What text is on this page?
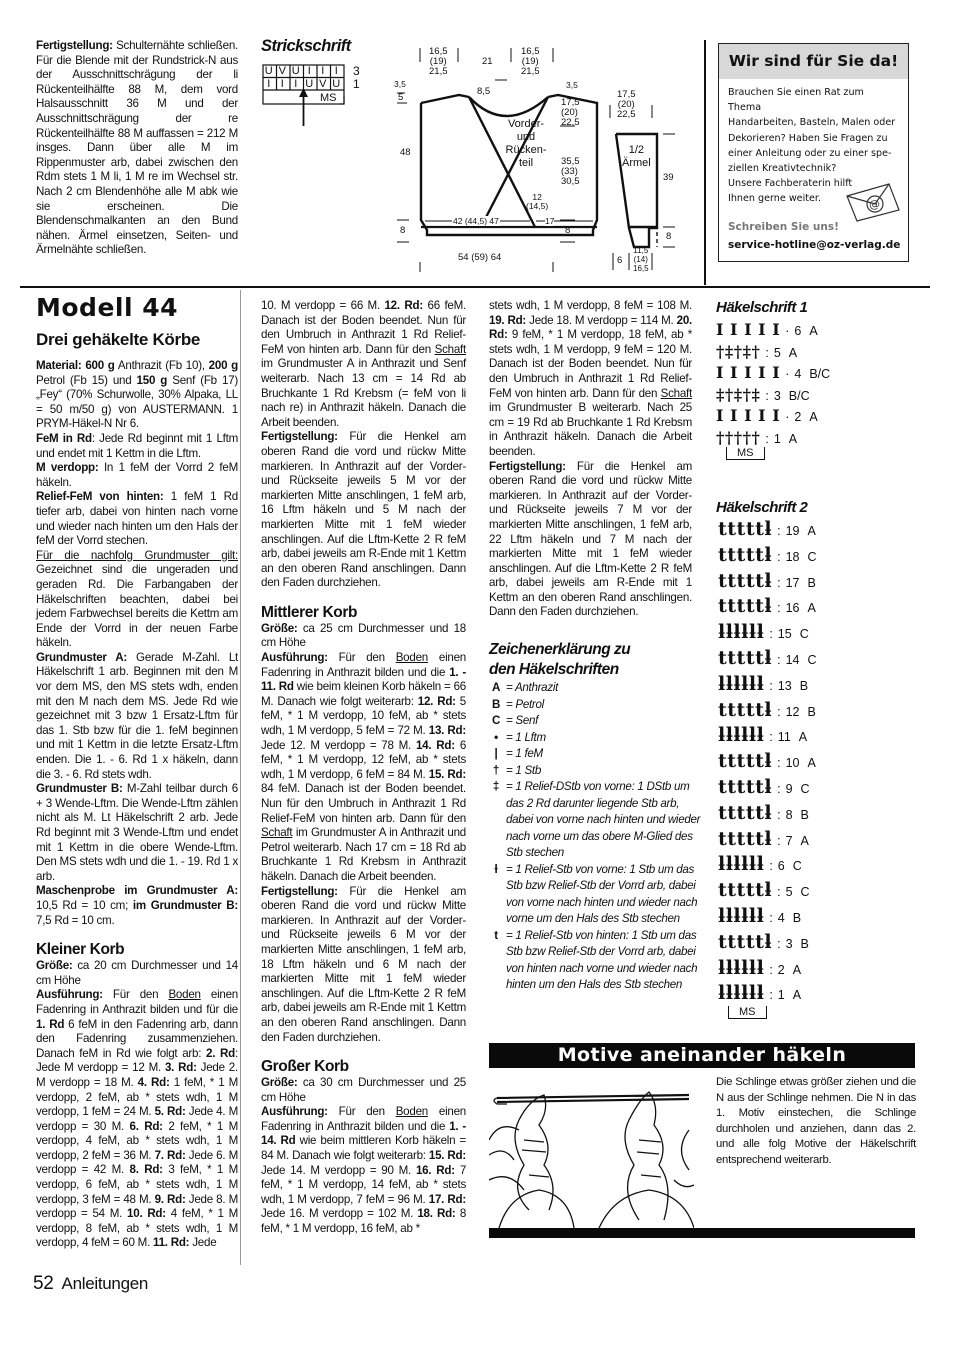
Fertigstellung: Schulternähte schließen. Für die Blende mit der Rundstrick-N aus der Ausschnittschrägung der li Rückenteilhälfte 88 M, dem vord Halsausschnitt 36 M und der Ausschnittschrägung der re Rückenteilhälfte 88 M auffassen = 212 M insges. Dann über alle M im Rippenmuster arb, dabei zwischen den Rdm stets 1 M li, 1 M re im Wechsel str. Nach 2 cm Blendenhöhe alle M abk wie sie erscheinen. Die Blendenschmalkanten an den Bund nähen. Ärmel einsetzen, Seiten- und Ärmelnähte schließen.

Strickschrift
U V U I I I
I I I U V U
3
1
MS
16,5
(19)
21,5
21
16,5
(19)
21,5
3,5
5
8,5
3,5
17,5
(20)
22,5
48
Vorder-
und
Rücken-
teil	35,5
(33)
30,5
12
(14,5)
42 (44,5) 47	17
8	8
54 (59) 64
17,5
(20)
22,5
1/2
Ärmel
39
8
6
11,5
(14)
16,5
Wir sind für Sie da!
Brauchen Sie einen Rat zum Thema
Handarbeiten, Basteln, Malen oder
Dekorieren? Haben Sie Fragen zu
einer Anleitung oder zu einer spe-
ziellen Kreativtechnik?
Unsere Fachberaterin hilft
Ihnen gerne weiter.	@
Schreiben Sie uns!
service-hotline@oz-verlag.de
Modell 44
Drei gehäkelte Körbe

Material: 600 g Anthrazit (Fb 10), 200 g Petrol (Fb 15) und 150 g Senf (Fb 17) „Fey“ (70% Schurwolle, 30% Alpaka, LL = 50 m/50 g) von AUSTERMANN. 1 PRYM-Häkel-N Nr 6.

FeM in Rd: Jede Rd beginnt mit 1 Lftm und endet mit 1 Kettm in die Lftm.

M verdopp: In 1 feM der Vorrd 2 feM häkeln.

Relief-FeM von hinten: 1 feM 1 Rd tiefer arb, dabei von hinten nach vorne und wieder nach hinten um den Hals der feM der Vorrd stechen.

Für die nachfolg Grundmuster gilt: Gezeichnet sind die ungeraden und geraden Rd. Die Farbangaben der Häkelschriften beachten, dabei bei jedem Farbwechsel bereits die Kettm am Ende der Vorrd in der neuen Farbe häkeln.

Grundmuster A: Gerade M-Zahl. Lt Häkelschrift 1 arb. Beginnen mit den M vor dem MS, den MS stets wdh, enden mit den M nach dem MS. Jede Rd wie gezeichnet mit 3 bzw 1 Ersatz-Lftm für das 1. Stb bzw für die 1. feM beginnen und mit 1 Kettm in die letzte Ersatz-Lftm enden. Die 1. - 6. Rd 1 x häkeln, dann die 3. - 6. Rd stets wdh.

Grundmuster B: M-Zahl teilbar durch 6 + 3 Wende-Lftm. Die Wende-Lftm zählen nicht als M. Lt Häkelschrift 2 arb. Jede Rd beginnt mit 3 Wende-Lftm und endet mit 1 Kettm in die obere Wende-Lftm. Den MS stets wdh und die 1. - 19. Rd 1 x arb.

Maschenprobe im Grundmuster A: 10,5 Rd = 10 cm; im Grundmuster B: 7,5 Rd = 10 cm.

Kleiner Korb

Größe: ca 20 cm Durchmesser und 14 cm Höhe

Ausführung: Für den Boden einen Fadenring in Anthrazit bilden und für die 1. Rd 6 feM in den Fadenring arb, dann den Fadenring zusammenziehen. Danach feM in Rd wie folgt arb: 2. Rd: Jede M verdopp = 12 M. 3. Rd: Jede 2. M verdopp = 18 M. 4. Rd: 1 feM, * 1 M verdopp, 2 feM, ab * stets wdh, 1 M verdopp, 1 feM = 24 M. 5. Rd: Jede 4. M verdopp = 30 M. 6. Rd: 2 feM, * 1 M verdopp, 4 feM, ab * stets wdh, 1 M verdopp, 2 feM = 36 M. 7. Rd: Jede 6. M verdopp = 42 M. 8. Rd: 3 feM, * 1 M verdopp, 6 feM, ab * stets wdh, 1 M verdopp, 3 feM = 48 M. 9. Rd: Jede 8. M verdopp = 54 M. 10. Rd: 4 feM, * 1 M verdopp, 8 feM, ab * stets wdh, 1 M verdopp, 4 feM = 60 M. 11. Rd: Jede

10. M verdopp = 66 M. 12. Rd: 66 feM. Danach ist der Boden beendet. Nun für den Umbruch in Anthrazit 1 Rd Relief-FeM von hinten arb. Dann für den Schaft im Grundmuster A in Anthrazit und Senf weiterarb. Nach 13 cm = 14 Rd ab Bruchkante 1 Rd Krebsm (= feM von li nach re) in Anthrazit häkeln. Danach die Arbeit beenden.

Fertigstellung: Für die Henkel am oberen Rand die vord und rückw Mitte markieren. In Anthrazit auf der Vorder- und Rückseite jeweils 5 M vor der markierten Mitte anschlingen, 1 feM arb, 16 Lftm häkeln und 5 M nach der markierten Mitte mit 1 feM wieder anschlingen. Auf die Lftm-Kette 2 R feM arb, dabei jeweils am R-Ende mit 1 Kettm an den oberen Rand anschlingen. Dann den Faden durchziehen.

Mittlerer Korb

Größe: ca 25 cm Durchmesser und 18 cm Höhe

Ausführung: Für den Boden einen Fadenring in Anthrazit bilden und die 1. - 11. Rd wie beim kleinen Korb häkeln = 66 M. Danach wie folgt weiterarb: 12. Rd: 5 feM, * 1 M verdopp, 10 feM, ab * stets wdh, 1 M verdopp, 5 feM = 72 M. 13. Rd: Jede 12. M verdopp = 78 M. 14. Rd: 6 feM, * 1 M verdopp, 12 feM, ab * stets wdh, 1 M verdopp, 6 feM = 84 M. 15. Rd: 84 feM. Danach ist der Boden beendet. Nun für den Umbruch in Anthrazit 1 Rd Relief-FeM von hinten arb. Dann für den Schaft im Grundmuster A in Anthrazit und Petrol weiterarb. Nach 17 cm = 18 Rd ab Bruchkante 1 Rd Krebsm in Anthrazit häkeln. Danach die Arbeit beenden.

Fertigstellung: Für die Henkel am oberen Rand die vord und rückw Mitte markieren. In Anthrazit auf der Vorder- und Rückseite jeweils 6 M vor der markierten Mitte anschlingen, 1 feM arb, 18 Lftm häkeln und 6 M nach der markierten Mitte mit 1 feM wieder anschlingen. Auf die Lftm-Kette 2 R feM arb, dabei jeweils am R-Ende mit 1 Kettm an den oberen Rand anschlingen. Dann den Faden durchziehen.

Großer Korb

Größe: ca 30 cm Durchmesser und 25 cm Höhe

Ausführung: Für den Boden einen Fadenring in Anthrazit bilden und die 1. - 14. Rd wie beim mittleren Korb häkeln = 84 M. Danach wie folgt weiterarb: 15. Rd: Jede 14. M verdopp = 90 M. 16. Rd: 7 feM, * 1 M verdopp, 14 feM, ab * stets wdh, 1 M verdopp, 7 feM = 96 M. 17. Rd: Jede 16. M verdopp = 102 M. 18. Rd: 8 feM, * 1 M verdopp, 16 feM, ab *

stets wdh, 1 M verdopp, 8 feM = 108 M. 19. Rd: Jede 18. M verdopp = 114 M. 20. Rd: 9 feM, * 1 M verdopp, 18 feM, ab * stets wdh, 1 M verdopp, 9 feM = 120 M. Danach ist der Boden beendet. Nun für den Umbruch in Anthrazit 1 Rd Relief-FeM von hinten arb. Dann für den Schaft im Grundmuster B weiterarb. Nach 25 cm = 19 Rd ab Bruchkante 1 Rd Krebsm in Anthrazit häkeln. Danach die Arbeit beenden.

Fertigstellung: Für die Henkel am oberen Rand die vord und rückw Mitte markieren. In Anthrazit auf der Vorder- und Rückseite jeweils 7 M vor der markierten Mitte anschlingen, 1 feM arb, 22 Lftm häkeln und 7 M nach der markierten Mitte mit 1 feM wieder anschlingen. Auf die Lftm-Kette 2 R feM arb, dabei jeweils am R-Ende mit 1 Kettm an den oberen Rand anschlingen. Dann den Faden durchziehen.

Zeichenerklärung zu
den Häkelschriften
A = Anthrazit
B = Petrol
C = Senf
• = 1 Lftm
| = 1 feM
† = 1 Stb
‡ = 1 Relief-DStb von vorne: 1 DStb um das 2 Rd darunter liegende Stb arb, dabei von vorne nach hinten und wieder nach vorne um das obere M-Glied des Stb stechen
ƚ = 1 Relief-Stb von vorne: 1 Stb um das Stb bzw Relief-Stb der Vorrd arb, dabei von vorne nach hinten und wieder nach vorne um den Hals des Stb stechen
t = 1 Relief-Stb von hinten: 1 Stb um das Stb bzw Relief-Stb der Vorrd arb, dabei von hinten nach vorne und wieder nach hinten um den Hals des Stb stechen
Häkelschrift 1
I I I I I · 6 A
†‡†‡† : 5 A
I I I I I · 4 B/C
‡†‡†‡ : 3 B/C
I I I I I · 2 A
††††† : 1 A
MS
Häkelschrift 2
tttttƚ : 19 A
tttttƚ : 18 C
tttttƚ : 17 B
tttttƚ : 16 A
ƚƚƚƚƚƚ : 15 C
tttttƚ : 14 C
ƚƚƚƚƚƚ : 13 B
tttttƚ : 12 B
ƚƚƚƚƚƚ : 11 A
tttttƚ : 10 A
tttttƚ : 9 C
tttttƚ : 8 B
tttttƚ : 7 A
ƚƚƚƚƚƚ : 6 C
tttttƚ : 5 C
ƚƚƚƚƚƚ : 4 B
tttttƚ : 3 B
ƚƚƚƚƚƚ : 2 A
ƚƚƚƚƚƚ : 1 A
MS
Motive aneinander häkeln

Die Schlinge etwas größer ziehen und die N aus der Schlinge nehmen. Die N in das 1. Motiv einstechen, die Schlinge durchholen und anziehen, dann das 2. und alle folg Motive der Häkelschrift entsprechend weiterarb.

52 Anleitungen
